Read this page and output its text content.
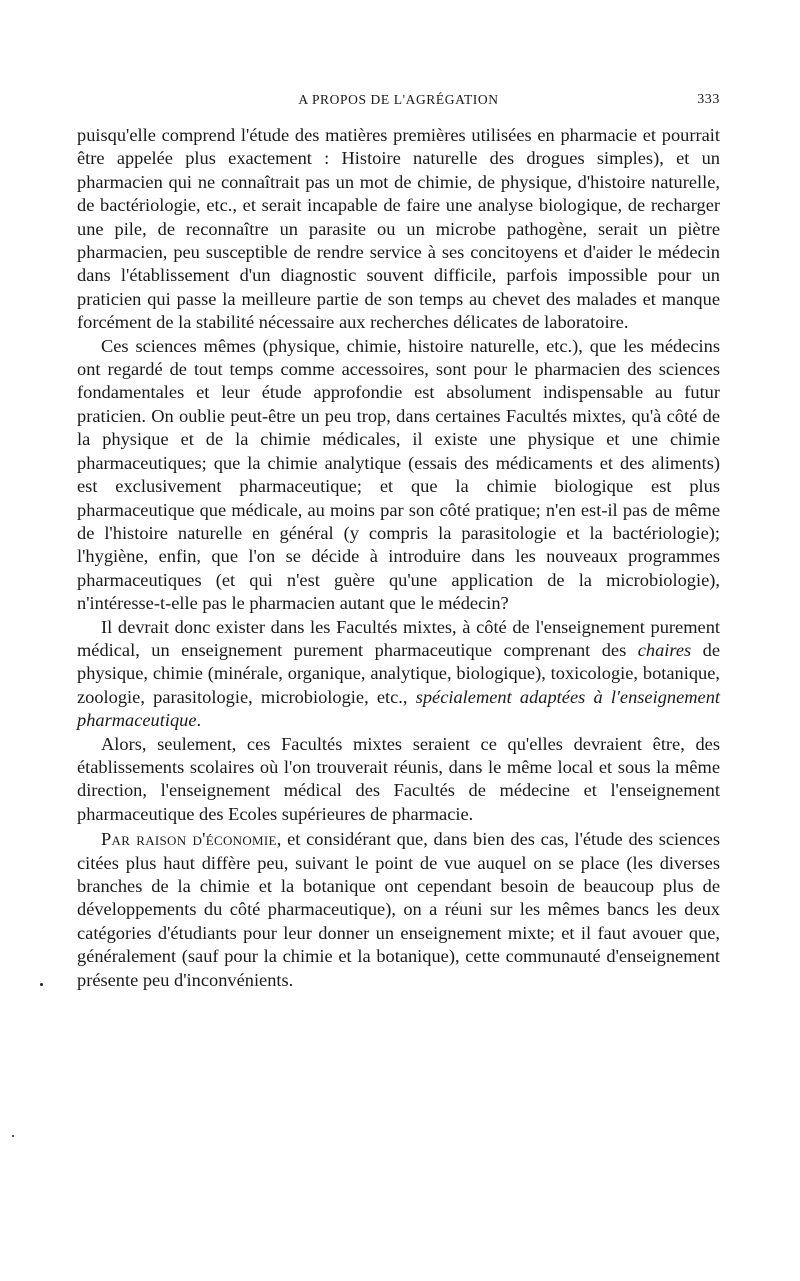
A PROPOS DE L'AGRÉGATION	333

puisqu'elle comprend l'étude des matières premières utilisées en pharmacie et pourrait être appelée plus exactement : Histoire naturelle des drogues simples), et un pharmacien qui ne connaîtrait pas un mot de chimie, de physique, d'histoire naturelle, de bactériologie, etc., et serait incapable de faire une analyse biologique, de recharger une pile, de reconnaître un parasite ou un microbe pathogène, serait un piètre pharmacien, peu susceptible de rendre service à ses concitoyens et d'aider le médecin dans l'établissement d'un diagnostic souvent difficile, parfois impossible pour un praticien qui passe la meilleure partie de son temps au chevet des malades et manque forcément de la stabilité nécessaire aux recherches délicates de laboratoire.

Ces sciences mêmes (physique, chimie, histoire naturelle, etc.), que les médecins ont regardé de tout temps comme accessoires, sont pour le pharmacien des sciences fondamentales et leur étude approfondie est absolument indispensable au futur praticien. On oublie peut-être un peu trop, dans certaines Facultés mixtes, qu'à côté de la physique et de la chimie médicales, il existe une physique et une chimie pharmaceutiques; que la chimie analytique (essais des médicaments et des aliments) est exclusivement pharmaceutique; et que la chimie biologique est plus pharmaceutique que médicale, au moins par son côté pratique; n'en est-il pas de même de l'histoire naturelle en général (y compris la parasitologie et la bactériologie); l'hygiène, enfin, que l'on se décide à introduire dans les nouveaux programmes pharmaceutiques (et qui n'est guère qu'une application de la microbiologie), n'intéresse-t-elle pas le pharmacien autant que le médecin?

Il devrait donc exister dans les Facultés mixtes, à côté de l'enseignement purement médical, un enseignement purement pharmaceutique comprenant des chaires de physique, chimie (minérale, organique, analytique, biologique), toxicologie, botanique, zoologie, parasitologie, microbiologie, etc., spécialement adaptées à l'enseignement pharmaceutique.

Alors, seulement, ces Facultés mixtes seraient ce qu'elles devraient être, des établissements scolaires où l'on trouverait réunis, dans le même local et sous la même direction, l'enseignement médical des Facultés de médecine et l'enseignement pharmaceutique des Ecoles supérieures de pharmacie.

Par raison d'économie, et considérant que, dans bien des cas, l'étude des sciences citées plus haut diffère peu, suivant le point de vue auquel on se place (les diverses branches de la chimie et la botanique ont cependant besoin de beaucoup plus de développements du côté pharmaceutique), on a réuni sur les mêmes bancs les deux catégories d'étudiants pour leur donner un enseignement mixte; et il faut avouer que, généralement (sauf pour la chimie et la botanique), cette communauté d'enseignement présente peu d'inconvénients.
